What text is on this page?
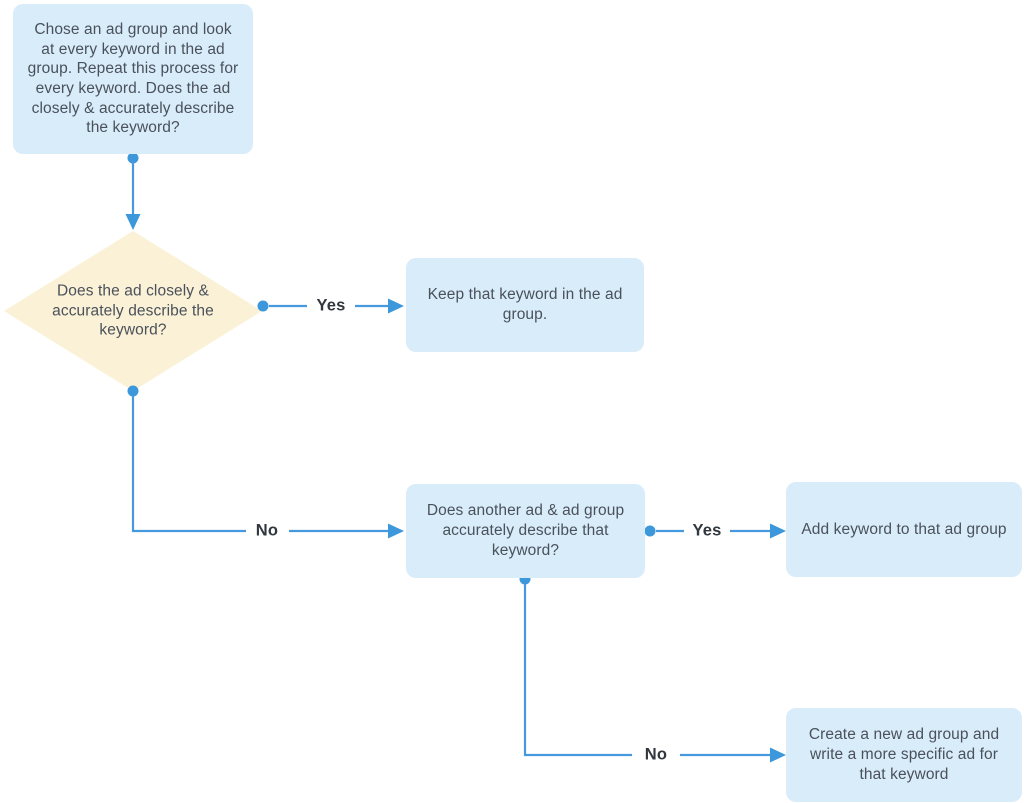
Chose an ad group and look at every keyword in the ad group. Repeat this process for every keyword. Does the ad closely & accurately describe the keyword?
Does the ad closely & accurately describe the keyword?
Keep that keyword in the ad group.
Does another ad & ad group accurately describe that keyword?
Add keyword to that ad group
Create a new ad group and write a more specific ad for that keyword
Yes
No	Yes
No
